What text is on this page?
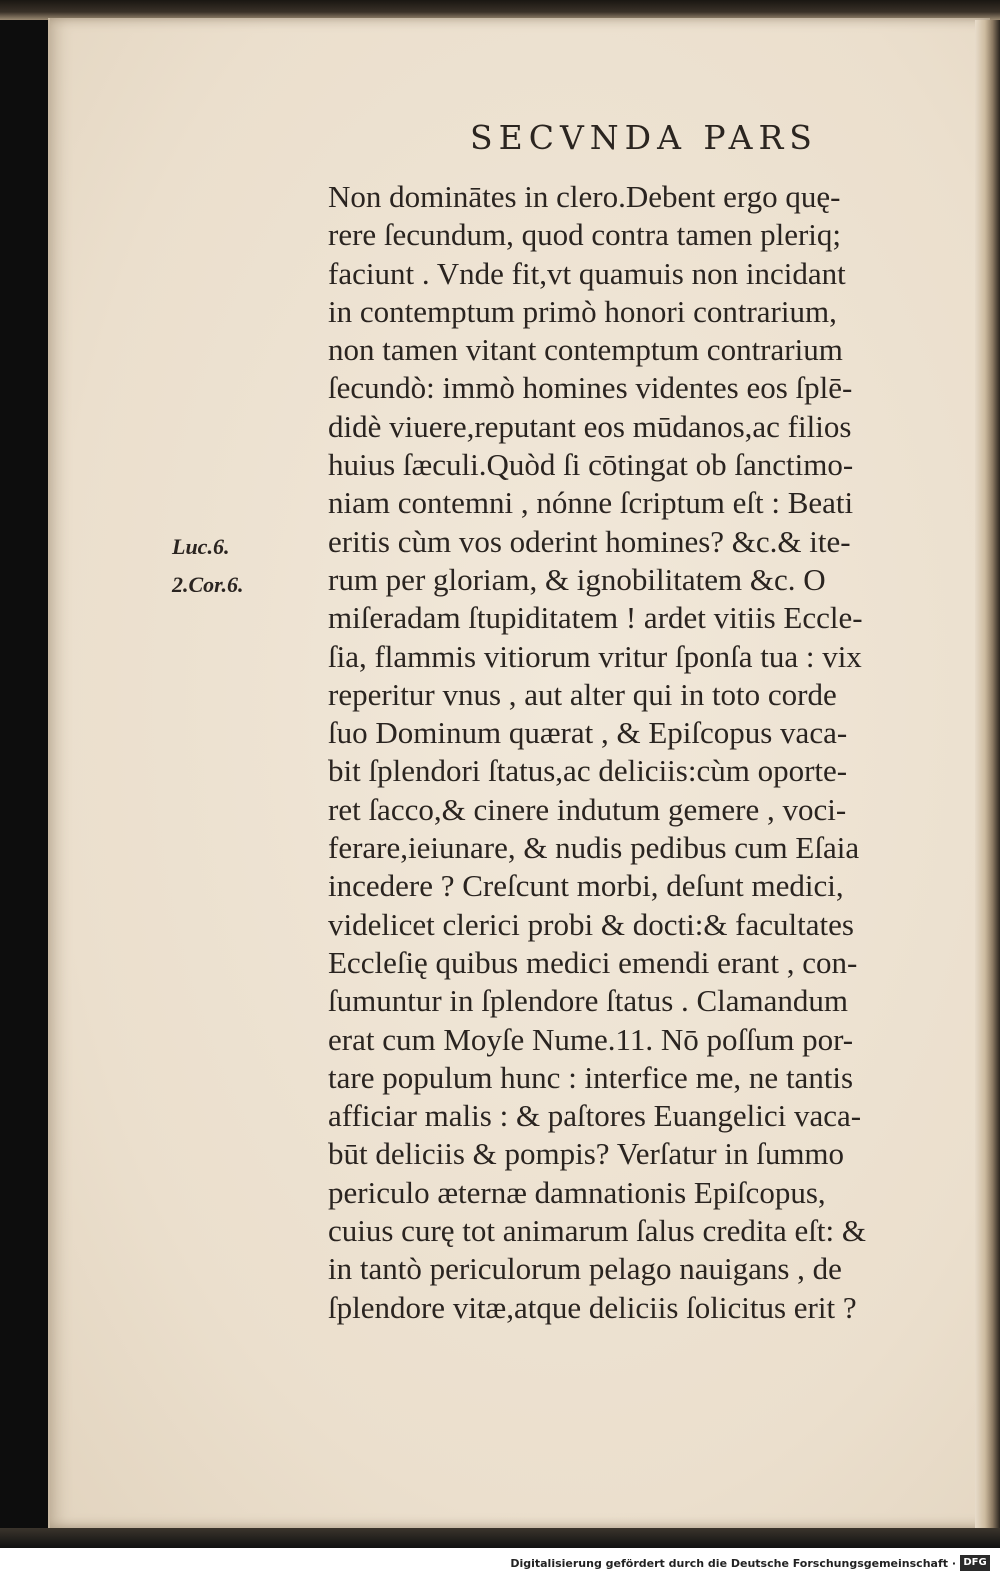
SECVNDA PARS
Luc.6.
2.Cor.6.
Non dominātes in clero.Debent ergo quę-
rere ſecundum, quod contra tamen pleriq;
faciunt . Vnde fit,vt quamuis non incidant
in contemptum primò honori contrarium,
non tamen vitant contemptum contrarium
ſecundò: immò homines videntes eos ſplē-
didè viuere,reputant eos mūdanos,ac filios
huius ſæculi.Quòd ſi cōtingat ob ſanctimo-
niam contemni , nónne ſcriptum eſt : Beati
eritis cùm vos oderint homines? &c.& ite-
rum per gloriam, & ignobilitatem &c. O
miſeradam ſtupiditatem ! ardet vitiis Eccle-
ſia, flammis vitiorum vritur ſponſa tua : vix
reperitur vnus , aut alter qui in toto corde
ſuo Dominum quærat , & Epiſcopus vaca-
bit ſplendori ſtatus,ac deliciis:cùm oporte-
ret ſacco,& cinere indutum gemere , voci-
ferare,ieiunare, & nudis pedibus cum Eſaia
incedere ? Creſcunt morbi, deſunt medici,
videlicet clerici probi & docti:& facultates
Eccleſię quibus medici emendi erant , con-
ſumuntur in ſplendore ſtatus . Clamandum
erat cum Moyſe Nume.11. Nō poſſum por-
tare populum hunc : interfice me, ne tantis
afficiar malis : & paſtores Euangelici vaca-
būt deliciis & pompis? Verſatur in ſummo
periculo æternæ damnationis Epiſcopus,
cuius curę tot animarum ſalus credita eſt: &
in tantò periculorum pelago nauigans , de
ſplendore vitæ,atque deliciis ſolicitus erit ?
Digitalisierung gefördert durch die Deutsche Forschungsgemeinschaft · DFG
